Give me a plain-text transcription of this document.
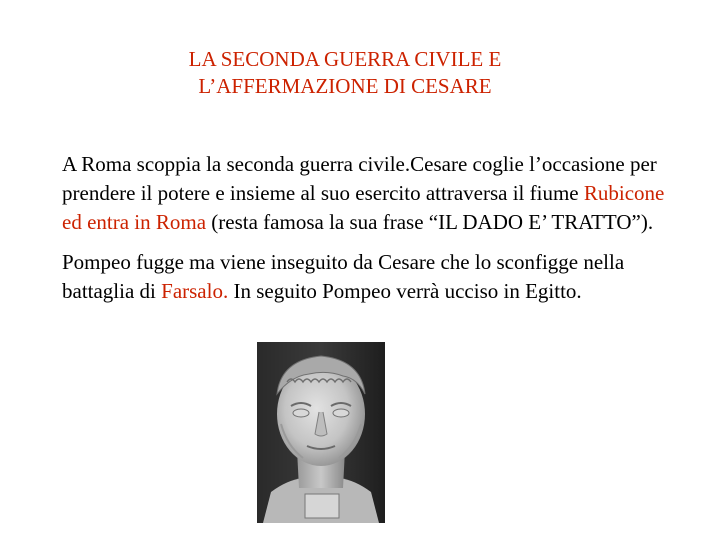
LA SECONDA GUERRA CIVILE E
L’AFFERMAZIONE DI CESARE

A Roma scoppia la seconda guerra civile.Cesare coglie l’occasione per prendere il potere e insieme al suo esercito attraversa il fiume Rubicone ed entra in Roma (resta famosa la sua frase “IL DADO E’ TRATTO”).

Pompeo fugge ma viene inseguito da Cesare che lo sconfigge nella battaglia di Farsalo. In seguito Pompeo verrà ucciso in Egitto.
